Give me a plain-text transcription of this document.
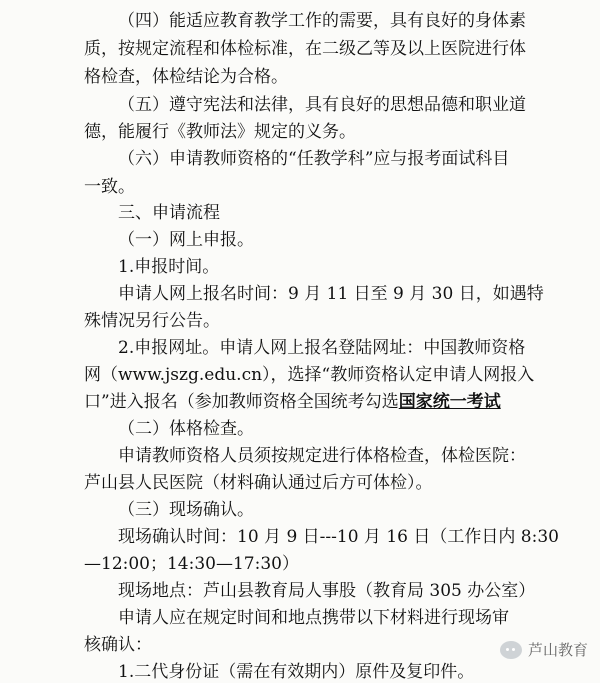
（四）能适应教育教学工作的需要，具有良好的身体素
质，按规定流程和体检标准，在二级乙等及以上医院进行体
格检查，体检结论为合格。
（五）遵守宪法和法律，具有良好的思想品德和职业道
德，能履行《教师法》规定的义务。
（六）申请教师资格的“任教学科”应与报考面试科目
一致。
三、申请流程
（一）网上申报。
1.申报时间。
申请人网上报名时间：9 月 11 日至 9 月 30 日，如遇特
殊情况另行公告。
2.申报网址。申请人网上报名登陆网址：中国教师资格
网（www.jszg.edu.cn），选择“教师资格认定申请人网报入
口”进入报名（参加教师资格全国统考勾选国家统一考试
（二）体格检查。
申请教师资格人员须按规定进行体格检查，体检医院：
芦山县人民医院（材料确认通过后方可体检）。
（三）现场确认。
现场确认时间：10 月 9 日---10 月 16 日（工作日内 8:30
—12:00；14:30—17:30）
现场地点：芦山县教育局人事股（教育局 305 办公室）
申请人应在规定时间和地点携带以下材料进行现场审
核确认：
1.二代身份证（需在有效期内）原件及复印件。
芦山教育
